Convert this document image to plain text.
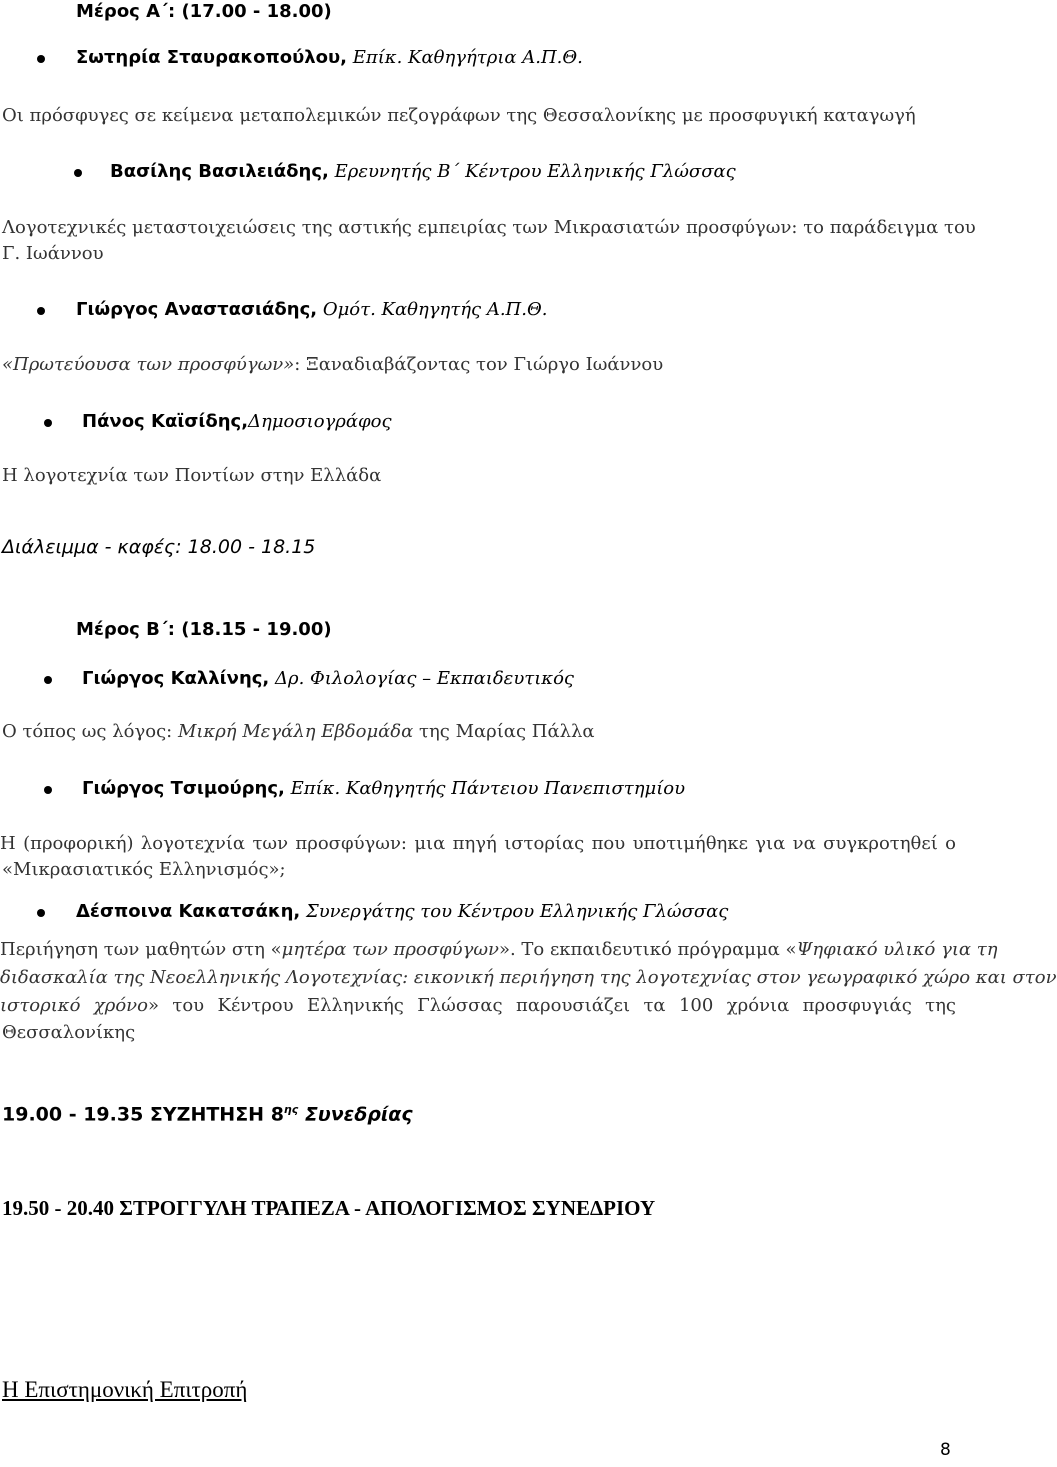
Μέρος Α΄: (17.00 - 18.00)
Σωτηρία Σταυρακοπούλου, Επίκ. Καθηγήτρια Α.Π.Θ.
Οι πρόσφυγες σε κείμενα μεταπολεμικών πεζογράφων της Θεσσαλονίκης με προσφυγική καταγωγή
Βασίλης Βασιλειάδης, Ερευνητής Β΄ Κέντρου Ελληνικής Γλώσσας
Λογοτεχνικές μεταστοιχειώσεις της αστικής εμπειρίας των Μικρασιατών προσφύγων: το παράδειγμα του
Γ. Ιωάννου
Γιώργος Αναστασιάδης, Ομότ. Καθηγητής Α.Π.Θ.
«Πρωτεύουσα των προσφύγων»: Ξαναδιαβάζοντας τον Γιώργο Ιωάννου
Πάνος Καϊσίδης,Δημοσιογράφος
Η λογοτεχνία των Ποντίων στην Ελλάδα
Διάλειμμα - καφές: 18.00 - 18.15
Μέρος Β΄: (18.15 - 19.00)
Γιώργος Καλλίνης, Δρ. Φιλολογίας – Εκπαιδευτικός
Ο τόπος ως λόγος: Μικρή Μεγάλη Εβδομάδα της Μαρίας Πάλλα
Γιώργος Τσιμούρης, Επίκ. Καθηγητής Πάντειου Πανεπιστημίου
Η (προφορική) λογοτεχνία των προσφύγων: μια πηγή ιστορίας που υποτιμήθηκε για να συγκροτηθεί ο
«Μικρασιατικός Ελληνισμός»;
Δέσποινα Κακατσάκη, Συνεργάτης του Κέντρου Ελληνικής Γλώσσας
Περιήγηση των μαθητών στη «μητέρα των προσφύγων». Το εκπαιδευτικό πρόγραμμα «Ψηφιακό υλικό για τη
διδασκαλία της Νεοελληνικής Λογοτεχνίας: εικονική περιήγηση της λογοτεχνίας στον γεωγραφικό χώρο και στον
ιστορικό χρόνο» του Κέντρου Ελληνικής Γλώσσας παρουσιάζει τα 100 χρόνια προσφυγιάς της
Θεσσαλονίκης
19.00 - 19.35 ΣΥΖΗΤΗΣΗ $8^{\eta\varsigma}$ Συνεδρίας
19.50 - 20.40 ΣΤΡΟΓΓΥΛΗ ΤΡΑΠΕΖΑ - ΑΠΟΛΟΓΙΣΜΟΣ ΣΥΝΕΔΡΙΟΥ
Η Επιστημονική Επιτροπή
8
